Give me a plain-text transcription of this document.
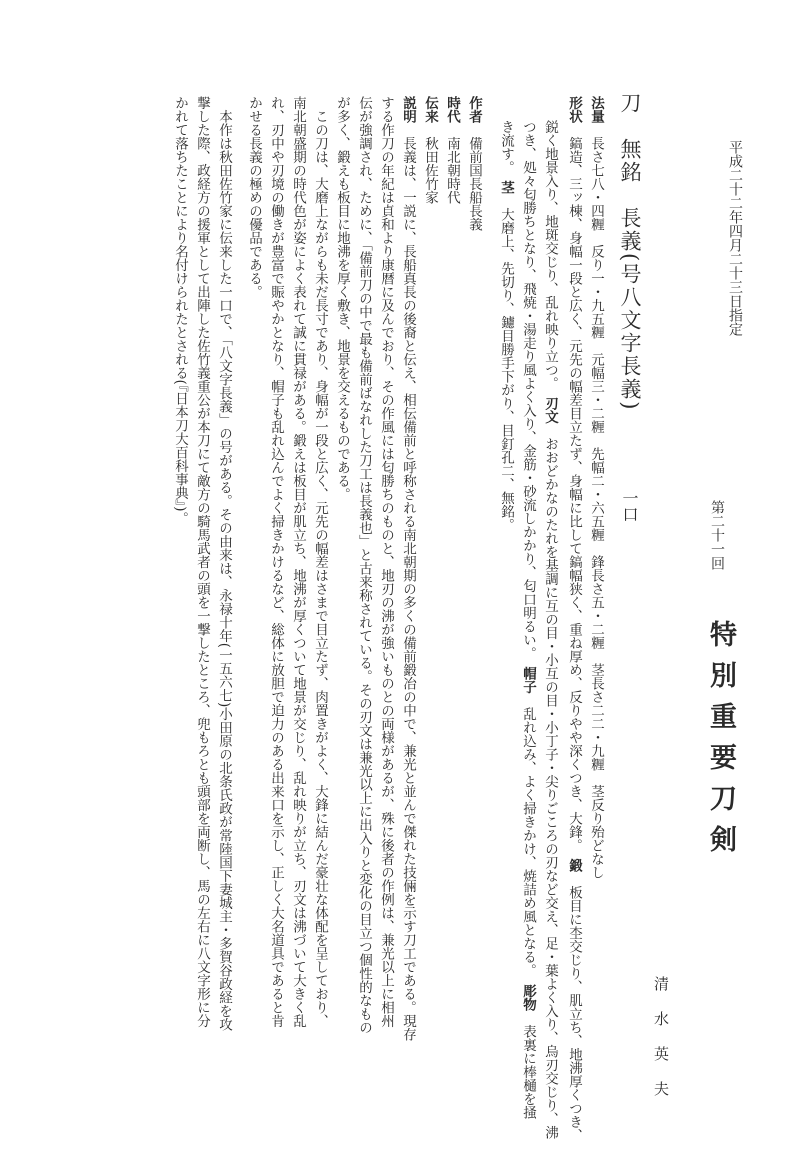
平成二十二年四月二十三日指定
第二十一回
特別重要刀剣
清水英夫
刀　無銘　長義(号八文字長義)
一口
法量　長さ七八・四糎　反り一・九五糎　元幅三・二糎　先幅二・六五糎　鋒長さ五・二糎　茎長さ二二・九糎　茎反り殆どなし
形状　鎬造、三ッ棟、身幅一段と広く、元先の幅差目立たず、身幅に比して鎬幅狭く、重ね厚め、反りやや深くつき、大鋒。　鍛　板目に杢交じり、肌立ち、地沸厚くつき、
鋭く地景入り、地斑交じり、乱れ映り立つ。　刃文　おおどかなのたれを基調に互の目・小互の目・小丁子・尖りごころの刃など交え、足・葉よく入り、烏刃交じり、沸
つき、処々匂勝ちとなり、飛焼・湯走り風よく入り、金筋・砂流しかかり、匂口明るい。　帽子　乱れ込み、よく掃きかけ、焼詰め風となる。　彫物　表裏に棒樋を掻
き流す。　茎　大磨上、先切り、鑢目勝手下がり、目釘孔二、無銘。
作者　備前国長船長義
時代　南北朝時代
伝来　秋田佐竹家
説明　長義は、一説に、長船真長の後裔と伝え、相伝備前と呼称される南北朝期の多くの備前鍛冶の中で、兼光と並んで傑れた技倆を示す刀工である。現存
する作刀の年紀は貞和より康暦に及んでおり、その作風には匂勝ちのものと、地刃の沸が強いものとの両様があるが、殊に後者の作例は、兼光以上に相州
伝が強調され、ために、「備前刀の中で最も備前ばなれした刀工は長義也」と古来称されている。その刃文は兼光以上に出入りと変化の目立つ個性的なもの
が多く、鍛えも板目に地沸を厚く敷き、地景を交えるものである。
　この刀は、大磨上ながらも未だ長寸であり、身幅が一段と広く、元先の幅差はさまで目立たず、肉置きがよく、大鋒に結んだ豪壮な体配を呈しており、
南北朝盛期の時代色が姿によく表れて誠に貫禄がある。鍛えは板目が肌立ち、地沸が厚くついて地景が交じり、乱れ映りが立ち、刃文は沸づいて大きく乱
れ、刃中や刃境の働きが豊富で賑やかとなり、帽子も乱れ込んでよく掃きかけるなど、総体に放胆で迫力のある出来口を示し、正しく大名道具であると肯
かせる長義の極めの優品である。
　本作は秋田佐竹家に伝来した一口で、「八文字長義」の号がある。その由来は、永禄十年(一五六七)小田原の北条氏政が常陸国下妻城主・多賀谷政経を攻
撃した際、政経方の援軍として出陣した佐竹義重公が本刀にて敵方の騎馬武者の頭を一撃したところ、兜もろとも頭部を両断し、馬の左右に八文字形に分
かれて落ちたことにより名付けられたとされる(『日本刀大百科事典』)。
